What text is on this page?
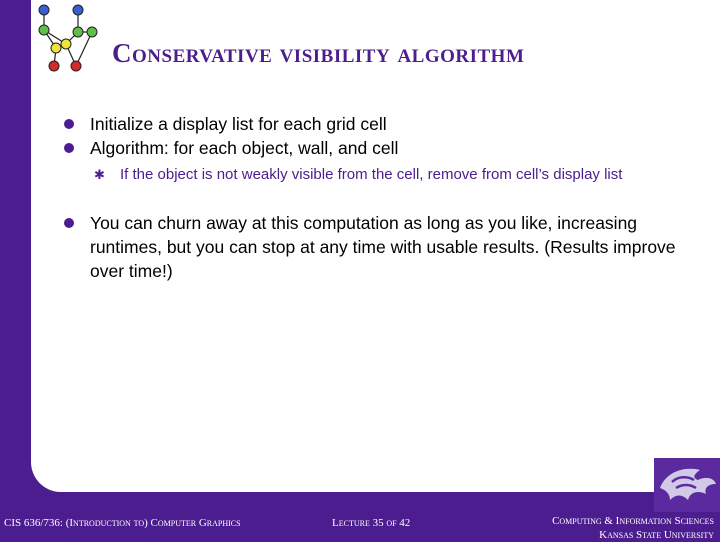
Conservative visibility algorithm
Initialize a display list for each grid cell
Algorithm: for each object, wall, and cell
✱ If the object is not weakly visible from the cell, remove from cell’s display list
You can churn away at this computation as long as you like, increasing runtimes, but you can stop at any time with usable results. (Results improve over time!)
CIS 636/736: (Introduction to) Computer Graphics	Lecture 35 of 42	Computing & Information Sciences
Kansas State University
